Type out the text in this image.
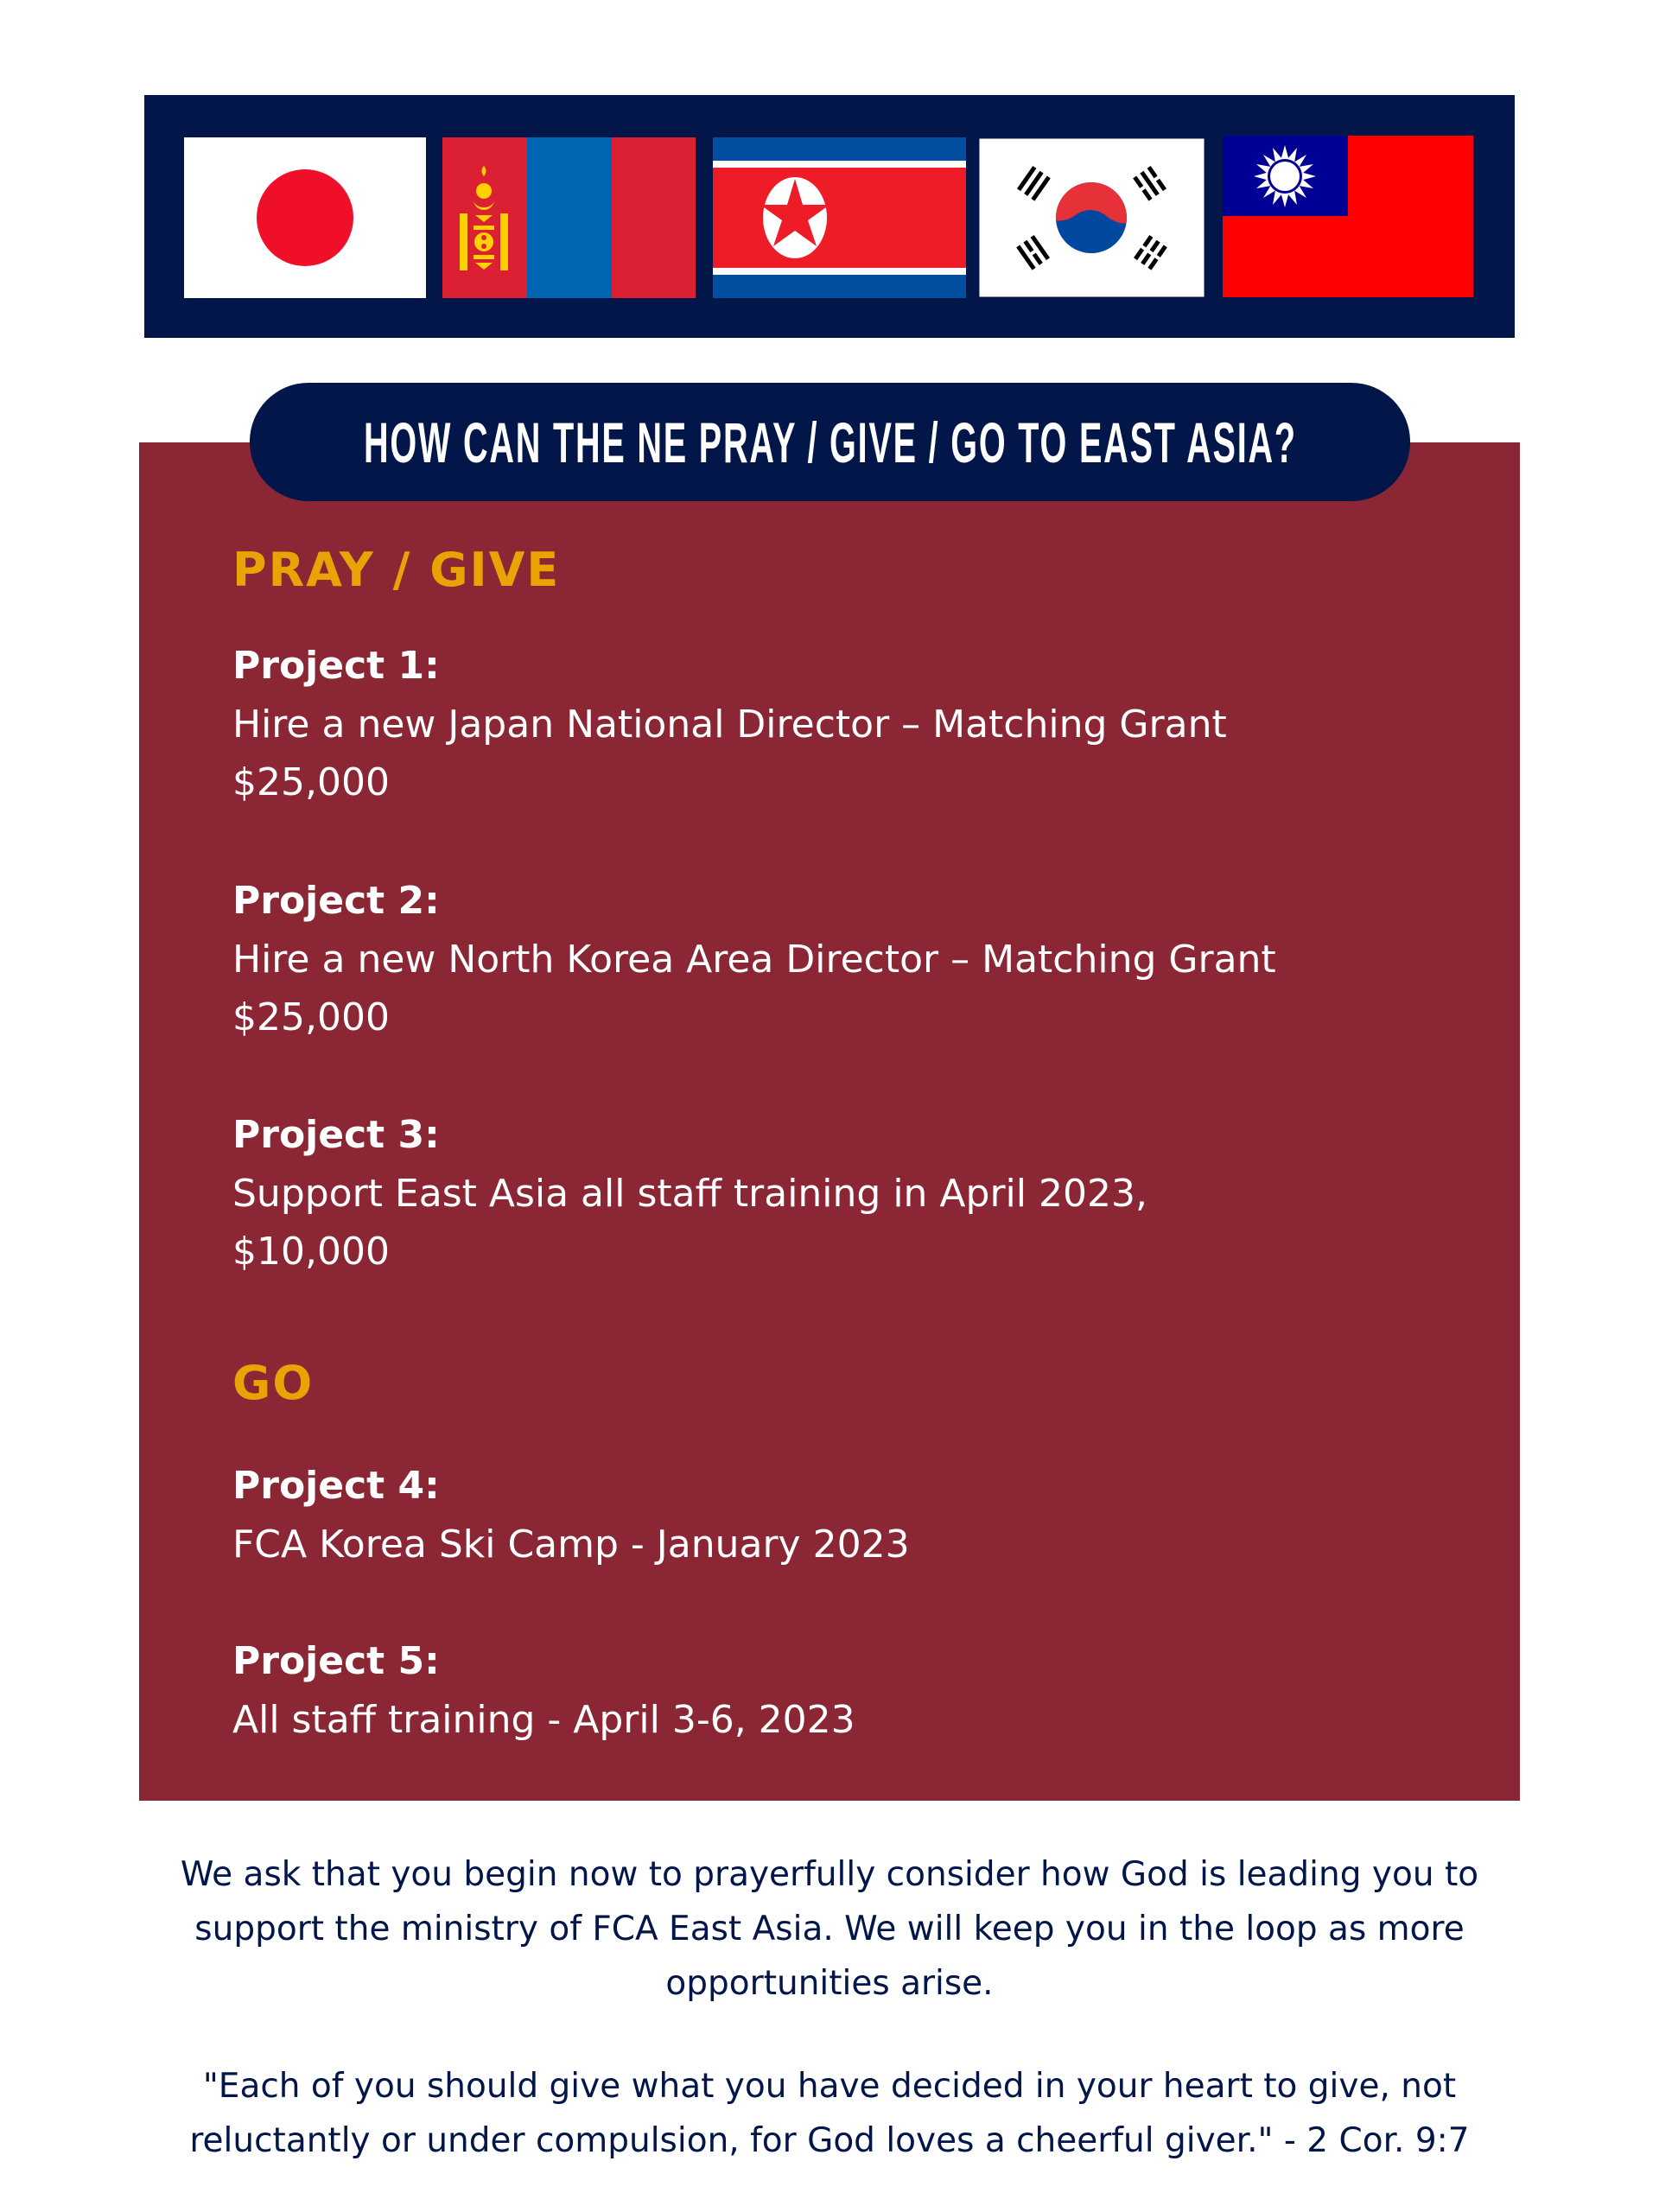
HOW CAN THE NE PRAY / GIVE / GO TO EAST ASIA?
PRAY / GIVE
Project 1:
Hire a new Japan National Director – Matching Grant
$25,000
Project 2:
Hire a new North Korea Area Director – Matching Grant
$25,000
Project 3:
Support East Asia all staff training in April 2023,
$10,000
GO
Project 4:
FCA Korea Ski Camp - January 2023
Project 5:
All staff training - April 3-6, 2023
We ask that you begin now to prayerfully consider how God is leading you to
support the ministry of FCA East Asia. We will keep you in the loop as more
opportunities arise.
"Each of you should give what you have decided in your heart to give, not
reluctantly or under compulsion, for God loves a cheerful giver." - 2 Cor. 9:7
